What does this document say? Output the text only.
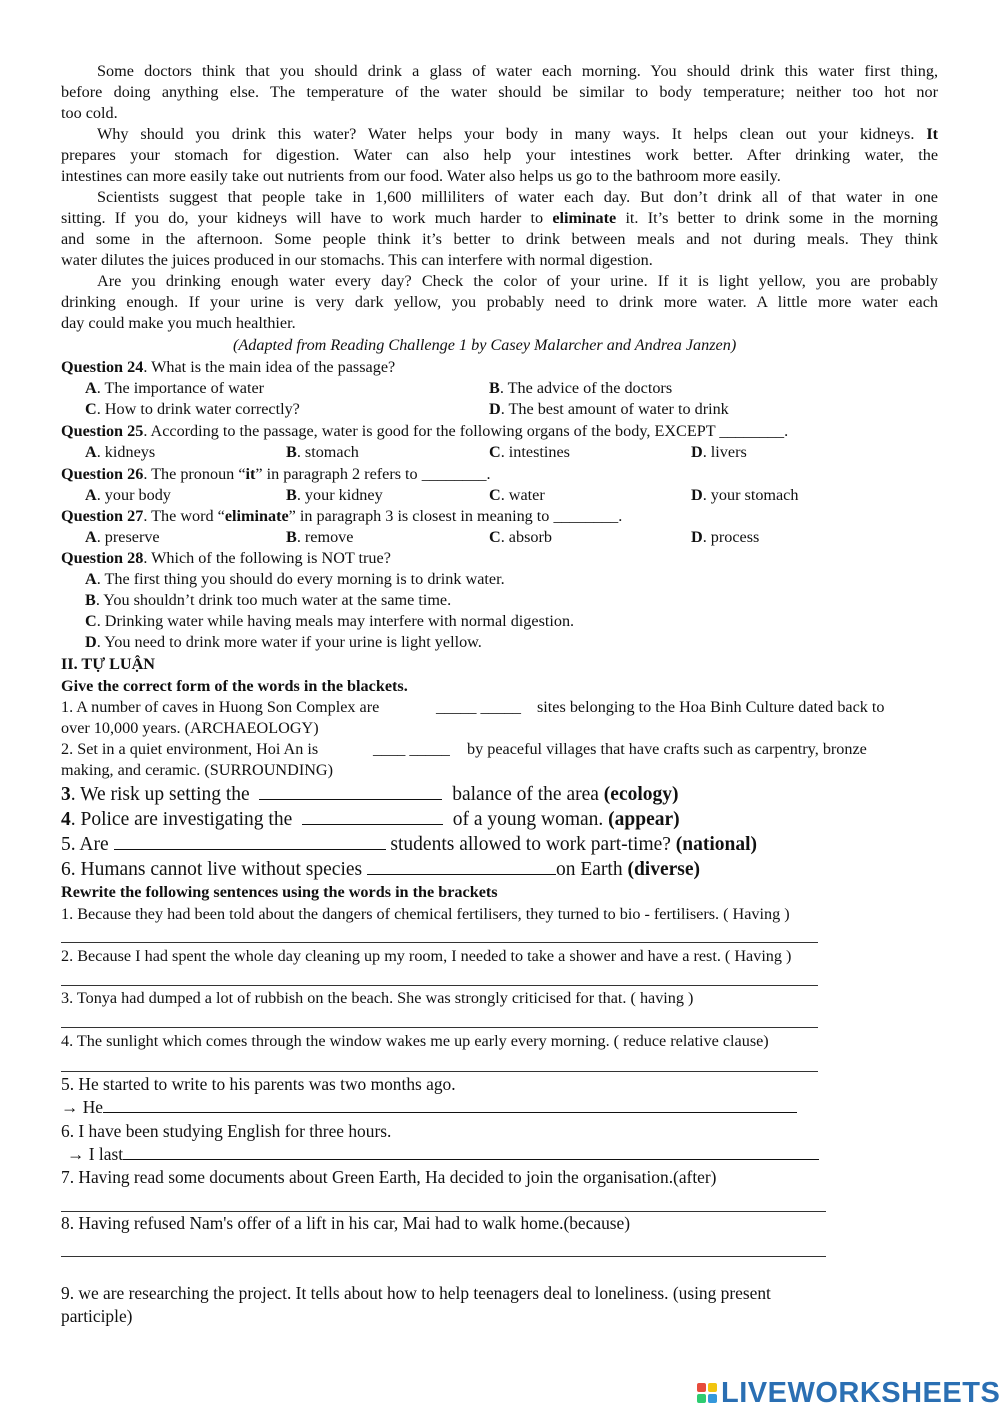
Some doctors think that you should drink a glass of water each morning. You should drink this water first thing,
before doing anything else. The temperature of the water should be similar to body temperature; neither too hot nor
too cold.
Why should you drink this water? Water helps your body in many ways. It helps clean out your kidneys. It
prepares your stomach for digestion. Water can also help your intestines work better. After drinking water, the
intestines can more easily take out nutrients from our food. Water also helps us go to the bathroom more easily.
Scientists suggest that people take in 1,600 milliliters of water each day. But don’t drink all of that water in one
sitting. If you do, your kidneys will have to work much harder to eliminate it. It’s better to drink some in the morning
and some in the afternoon. Some people think it’s better to drink between meals and not during meals. They think
water dilutes the juices produced in our stomachs. This can interfere with normal digestion.
Are you drinking enough water every day? Check the color of your urine. If it is light yellow, you are probably
drinking enough. If your urine is very dark yellow, you probably need to drink more water. A little more water each
day could make you much healthier.
(Adapted from Reading Challenge 1 by Casey Malarcher and Andrea Janzen)
Question 24. What is the main idea of the passage?
A. The importance of water	B. The advice of the doctors
C. How to drink water correctly?	D. The best amount of water to drink
Question 25. According to the passage, water is good for the following organs of the body, EXCEPT ________.
A. kidneys	B. stomach	C. intestines	D. livers
Question 26. The pronoun “it” in paragraph 2 refers to ________.
A. your body	B. your kidney	C. water	D. your stomach
Question 27. The word “eliminate” in paragraph 3 is closest in meaning to ________.
A. preserve	B. remove	C. absorb	D. process
Question 28. Which of the following is NOT true?
A. The first thing you should do every morning is to drink water.
B. You shouldn’t drink too much water at the same time.
C. Drinking water while having meals may interfere with normal digestion.
D. You need to drink more water if your urine is light yellow.
II. TỰ LUẬN
Give the correct form of the words in the blackets.
1. A number of caves in Huong Son Complex are	_____ _____ sites belonging to the Hoa Binh Culture dated back to
over 10,000 years. (ARCHAEOLOGY)
2. Set in a quiet environment, Hoi An is	____ _____ by peaceful villages that have crafts such as carpentry, bronze
making, and ceramic. (SURROUNDING)
3. We risk up setting the	balance of the area (ecology)
4. Police are investigating the	of a young woman. (appear)
5. Are	students allowed to work part-time? (national)
6. Humans cannot live without species	on Earth (diverse)
Rewrite the following sentences using the words in the brackets
1. Because they had been told about the dangers of chemical fertilisers, they turned to bio - fertilisers. ( Having )
2. Because I had spent the whole day cleaning up my room, I needed to take a shower and have a rest. ( Having )
3. Tonya had dumped a lot of rubbish on the beach. She was strongly criticised for that. ( having )
4. The sunlight which comes through the window wakes me up early every morning. ( reduce relative clause)
5. He started to write to his parents was two months ago.
→ He
6. I have been studying English for three hours.
→ I last
7. Having read some documents about Green Earth, Ha decided to join the organisation.(after)
8. Having refused Nam's offer of a lift in his car, Mai had to walk home.(because)
9. we are researching the project. It tells about how to help teenagers deal to loneliness. (using present
participle)
LIVEWORKSHEETS
